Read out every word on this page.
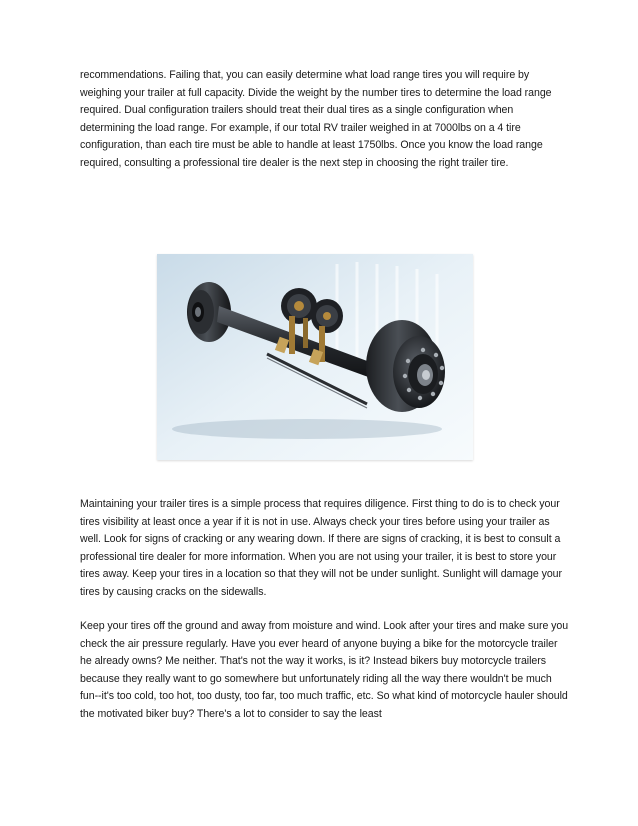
recommendations. Failing that, you can easily determine what load range tires you will require by weighing your trailer at full capacity. Divide the weight by the number tires to determine the load range required. Dual configuration trailers should treat their dual tires as a single configuration when determining the load range. For example, if our total RV trailer weighed in at 7000lbs on a 4 tire configuration, than each tire must be able to handle at least 1750lbs. Once you know the load range required, consulting a professional tire dealer is the next step in choosing the right trailer tire.

Maintaining your trailer tires is a simple process that requires diligence. First thing to do is to check your tires visibility at least once a year if it is not in use. Always check your tires before using your trailer as well. Look for signs of cracking or any wearing down. If there are signs of cracking, it is best to consult a professional tire dealer for more information. When you are not using your trailer, it is best to store your tires away. Keep your tires in a location so that they will not be under sunlight. Sunlight will damage your tires by causing cracks on the sidewalls.

Keep your tires off the ground and away from moisture and wind. Look after your tires and make sure you check the air pressure regularly. Have you ever heard of anyone buying a bike for the motorcycle trailer he already owns? Me neither. That's not the way it works, is it? Instead bikers buy motorcycle trailers because they really want to go somewhere but unfortunately riding all the way there wouldn't be much fun--it's too cold, too hot, too dusty, too far, too much traffic, etc. So what kind of motorcycle hauler should the motivated biker buy? There's a lot to consider to say the least
